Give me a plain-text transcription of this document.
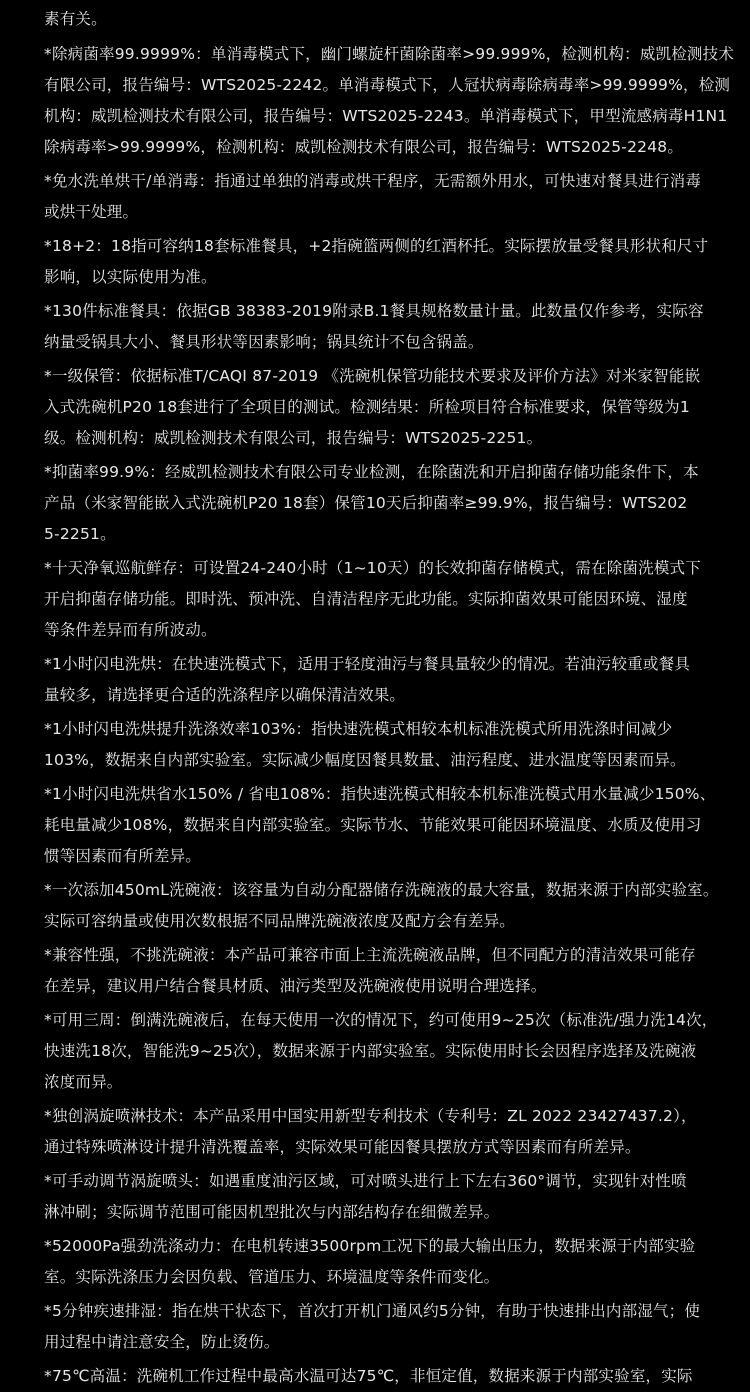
素有关。
*除病菌率99.9999%：单消毒模式下，幽门螺旋杆菌除菌率>99.999%，检测机构：威凯检测技术
有限公司，报告编号：WTS2025-2242。单消毒模式下，人冠状病毒除病毒率>99.9999%，检测
机构：威凯检测技术有限公司，报告编号：WTS2025-2243。单消毒模式下，甲型流感病毒H1N1
除病毒率>99.9999%，检测机构：威凯检测技术有限公司，报告编号：WTS2025-2248。
*免水洗单烘干/单消毒：指通过单独的消毒或烘干程序，无需额外用水，可快速对餐具进行消毒
或烘干处理。
*18+2：18指可容纳18套标准餐具，+2指碗篮两侧的红酒杯托。实际摆放量受餐具形状和尺寸
影响，以实际使用为准。
*130件标准餐具：依据GB 38383-2019附录B.1餐具规格数量计量。此数量仅作参考，实际容
纳量受锅具大小、餐具形状等因素影响；锅具统计不包含锅盖。
*一级保管：依据标准T/CAQI 87-2019 《洗碗机保管功能技术要求及评价方法》对米家智能嵌
入式洗碗机P20 18套进行了全项目的测试。检测结果：所检项目符合标准要求，保管等级为1
级。检测机构：威凯检测技术有限公司，报告编号：WTS2025-2251。
*抑菌率99.9%：经威凯检测技术有限公司专业检测，在除菌洗和开启抑菌存储功能条件下，本
产品（米家智能嵌入式洗碗机P20 18套）保管10天后抑菌率≥99.9%，报告编号：WTS202
5-2251。
*十天净氧巡航鲜存：可设置24-240小时（1~10天）的长效抑菌存储模式，需在除菌洗模式下
开启抑菌存储功能。即时洗、预冲洗、自清洁程序无此功能。实际抑菌效果可能因环境、湿度
等条件差异而有所波动。
*1小时闪电洗烘：在快速洗模式下，适用于轻度油污与餐具量较少的情况。若油污较重或餐具
量较多，请选择更合适的洗涤程序以确保清洁效果。
*1小时闪电洗烘提升洗涤效率103%：指快速洗模式相较本机标准洗模式所用洗涤时间减少
103%，数据来自内部实验室。实际减少幅度因餐具数量、油污程度、进水温度等因素而异。
*1小时闪电洗烘省水150% / 省电108%：指快速洗模式相较本机标准洗模式用水量减少150%、
耗电量减少108%，数据来自内部实验室。实际节水、节能效果可能因环境温度、水质及使用习
惯等因素而有所差异。
*一次添加450mL洗碗液：该容量为自动分配器储存洗碗液的最大容量，数据来源于内部实验室。
实际可容纳量或使用次数根据不同品牌洗碗液浓度及配方会有差异。
*兼容性强，不挑洗碗液：本产品可兼容市面上主流洗碗液品牌，但不同配方的清洁效果可能存
在差异，建议用户结合餐具材质、油污类型及洗碗液使用说明合理选择。
*可用三周：倒满洗碗液后，在每天使用一次的情况下，约可使用9~25次（标准洗/强力洗14次，
快速洗18次，智能洗9~25次），数据来源于内部实验室。实际使用时长会因程序选择及洗碗液
浓度而异。
*独创涡旋喷淋技术：本产品采用中国实用新型专利技术（专利号：ZL 2022 23427437.2），
通过特殊喷淋设计提升清洗覆盖率，实际效果可能因餐具摆放方式等因素而有所差异。
*可手动调节涡旋喷头：如遇重度油污区域，可对喷头进行上下左右360°调节，实现针对性喷
淋冲刷；实际调节范围可能因机型批次与内部结构存在细微差异。
*52000Pa强劲洗涤动力：在电机转速3500rpm工况下的最大输出压力，数据来源于内部实验
室。实际洗涤压力会因负载、管道压力、环境温度等条件而变化。
*5分钟疾速排湿：指在烘干状态下，首次打开机门通风约5分钟，有助于快速排出内部湿气；使
用过程中请注意安全，防止烫伤。
*75℃高温：洗碗机工作过程中最高水温可达75℃，非恒定值，数据来源于内部实验室，实际
